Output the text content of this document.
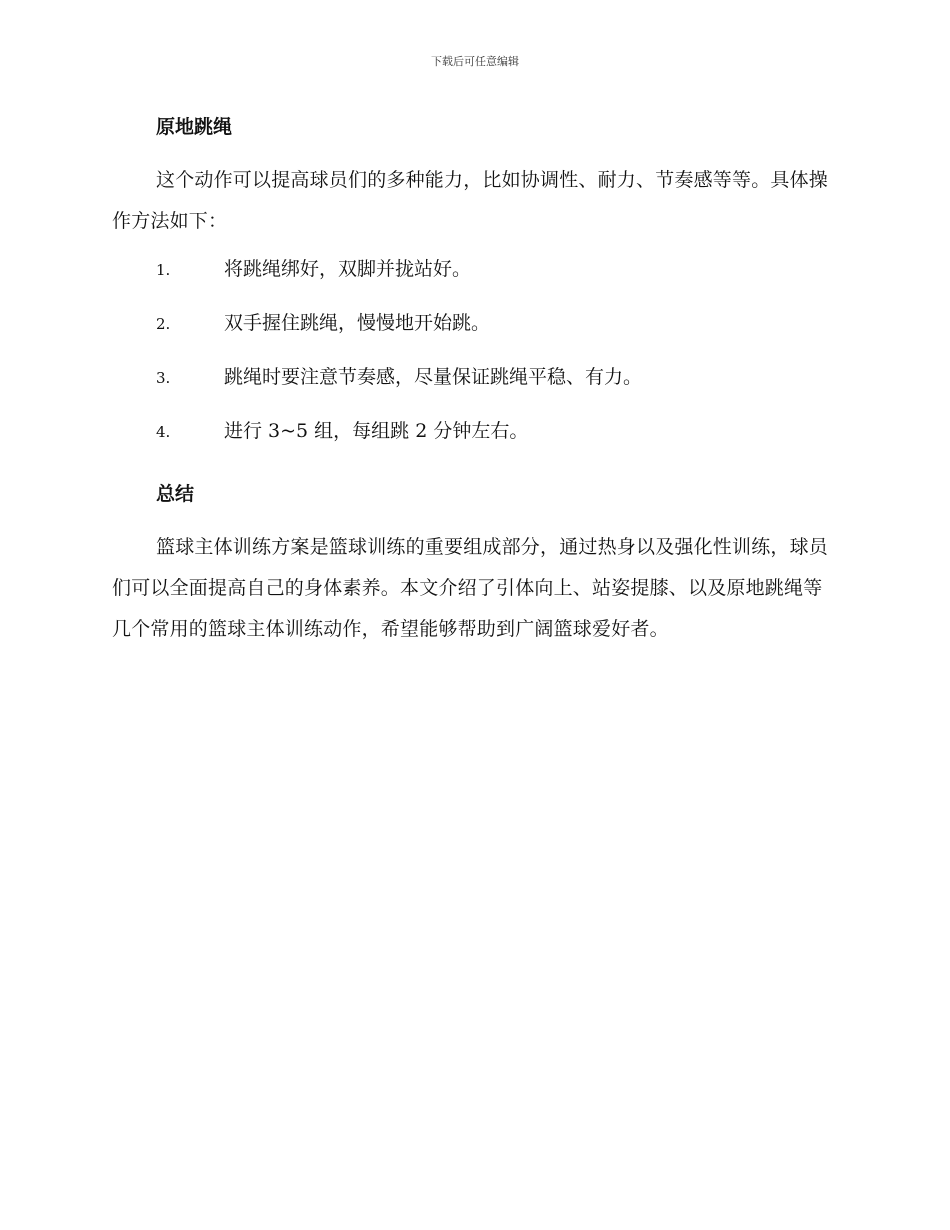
下载后可任意编辑
原地跳绳

这个动作可以提高球员们的多种能力，比如协调性、耐力、节奏感等等。具体操作方法如下：

1.	将跳绳绑好，双脚并拢站好。
2.	双手握住跳绳，慢慢地开始跳。
3.	跳绳时要注意节奏感，尽量保证跳绳平稳、有力。
4.	进行 3~5 组，每组跳 2 分钟左右。
总结

篮球主体训练方案是篮球训练的重要组成部分，通过热身以及强化性训练，球员们可以全面提高自己的身体素养。本文介绍了引体向上、站姿提膝、以及原地跳绳等几个常用的篮球主体训练动作，希望能够帮助到广阔篮球爱好者。
